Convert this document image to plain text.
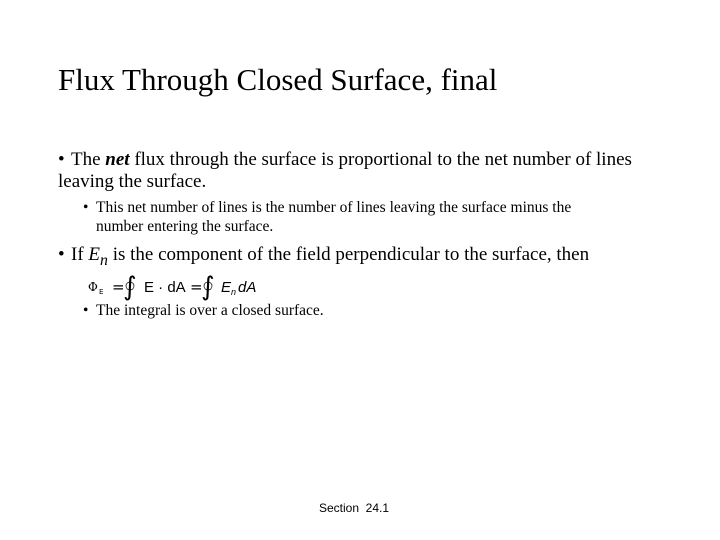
Flux Through Closed Surface, final
• The net flux through the surface is proportional to the net number of lines leaving the surface.
• This net number of lines is the number of lines leaving the surface minus the
number entering the surface.
• If $E_n$ is the component of the field perpendicular to the surface, then
Φ E =
∫ E · dA =
∫ E n dA
• The integral is over a closed surface.
Section  24.1
